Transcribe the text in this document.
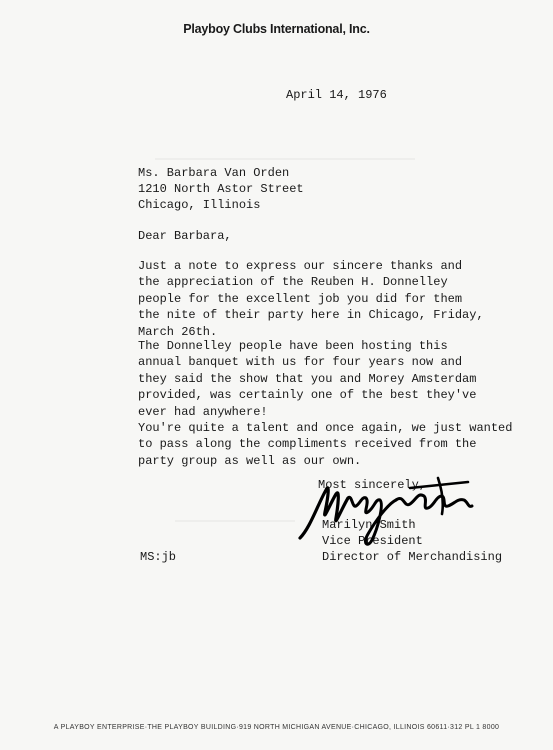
Playboy Clubs International, Inc.
April 14, 1976
Ms. Barbara Van Orden
1210 North Astor Street
Chicago, Illinois
Dear Barbara,
Just a note to express our sincere thanks and
the appreciation of the Reuben H. Donnelley
people for the excellent job you did for them
the nite of their party here in Chicago, Friday,
March 26th.
The Donnelley people have been hosting this
annual banquet with us for four years now and
they said the show that you and Morey Amsterdam
provided, was certainly one of the best they've
ever had anywhere!
You're quite a talent and once again, we just wanted
to pass along the compliments received from the
party group as well as our own.
Most sincerely,
Marilyn Smith
Vice President
Director of Merchandising
MS:jb
A PLAYBOY ENTERPRISE·THE PLAYBOY BUILDING·919 NORTH MICHIGAN AVENUE·CHICAGO, ILLINOIS 60611·312 PL 1 8000
